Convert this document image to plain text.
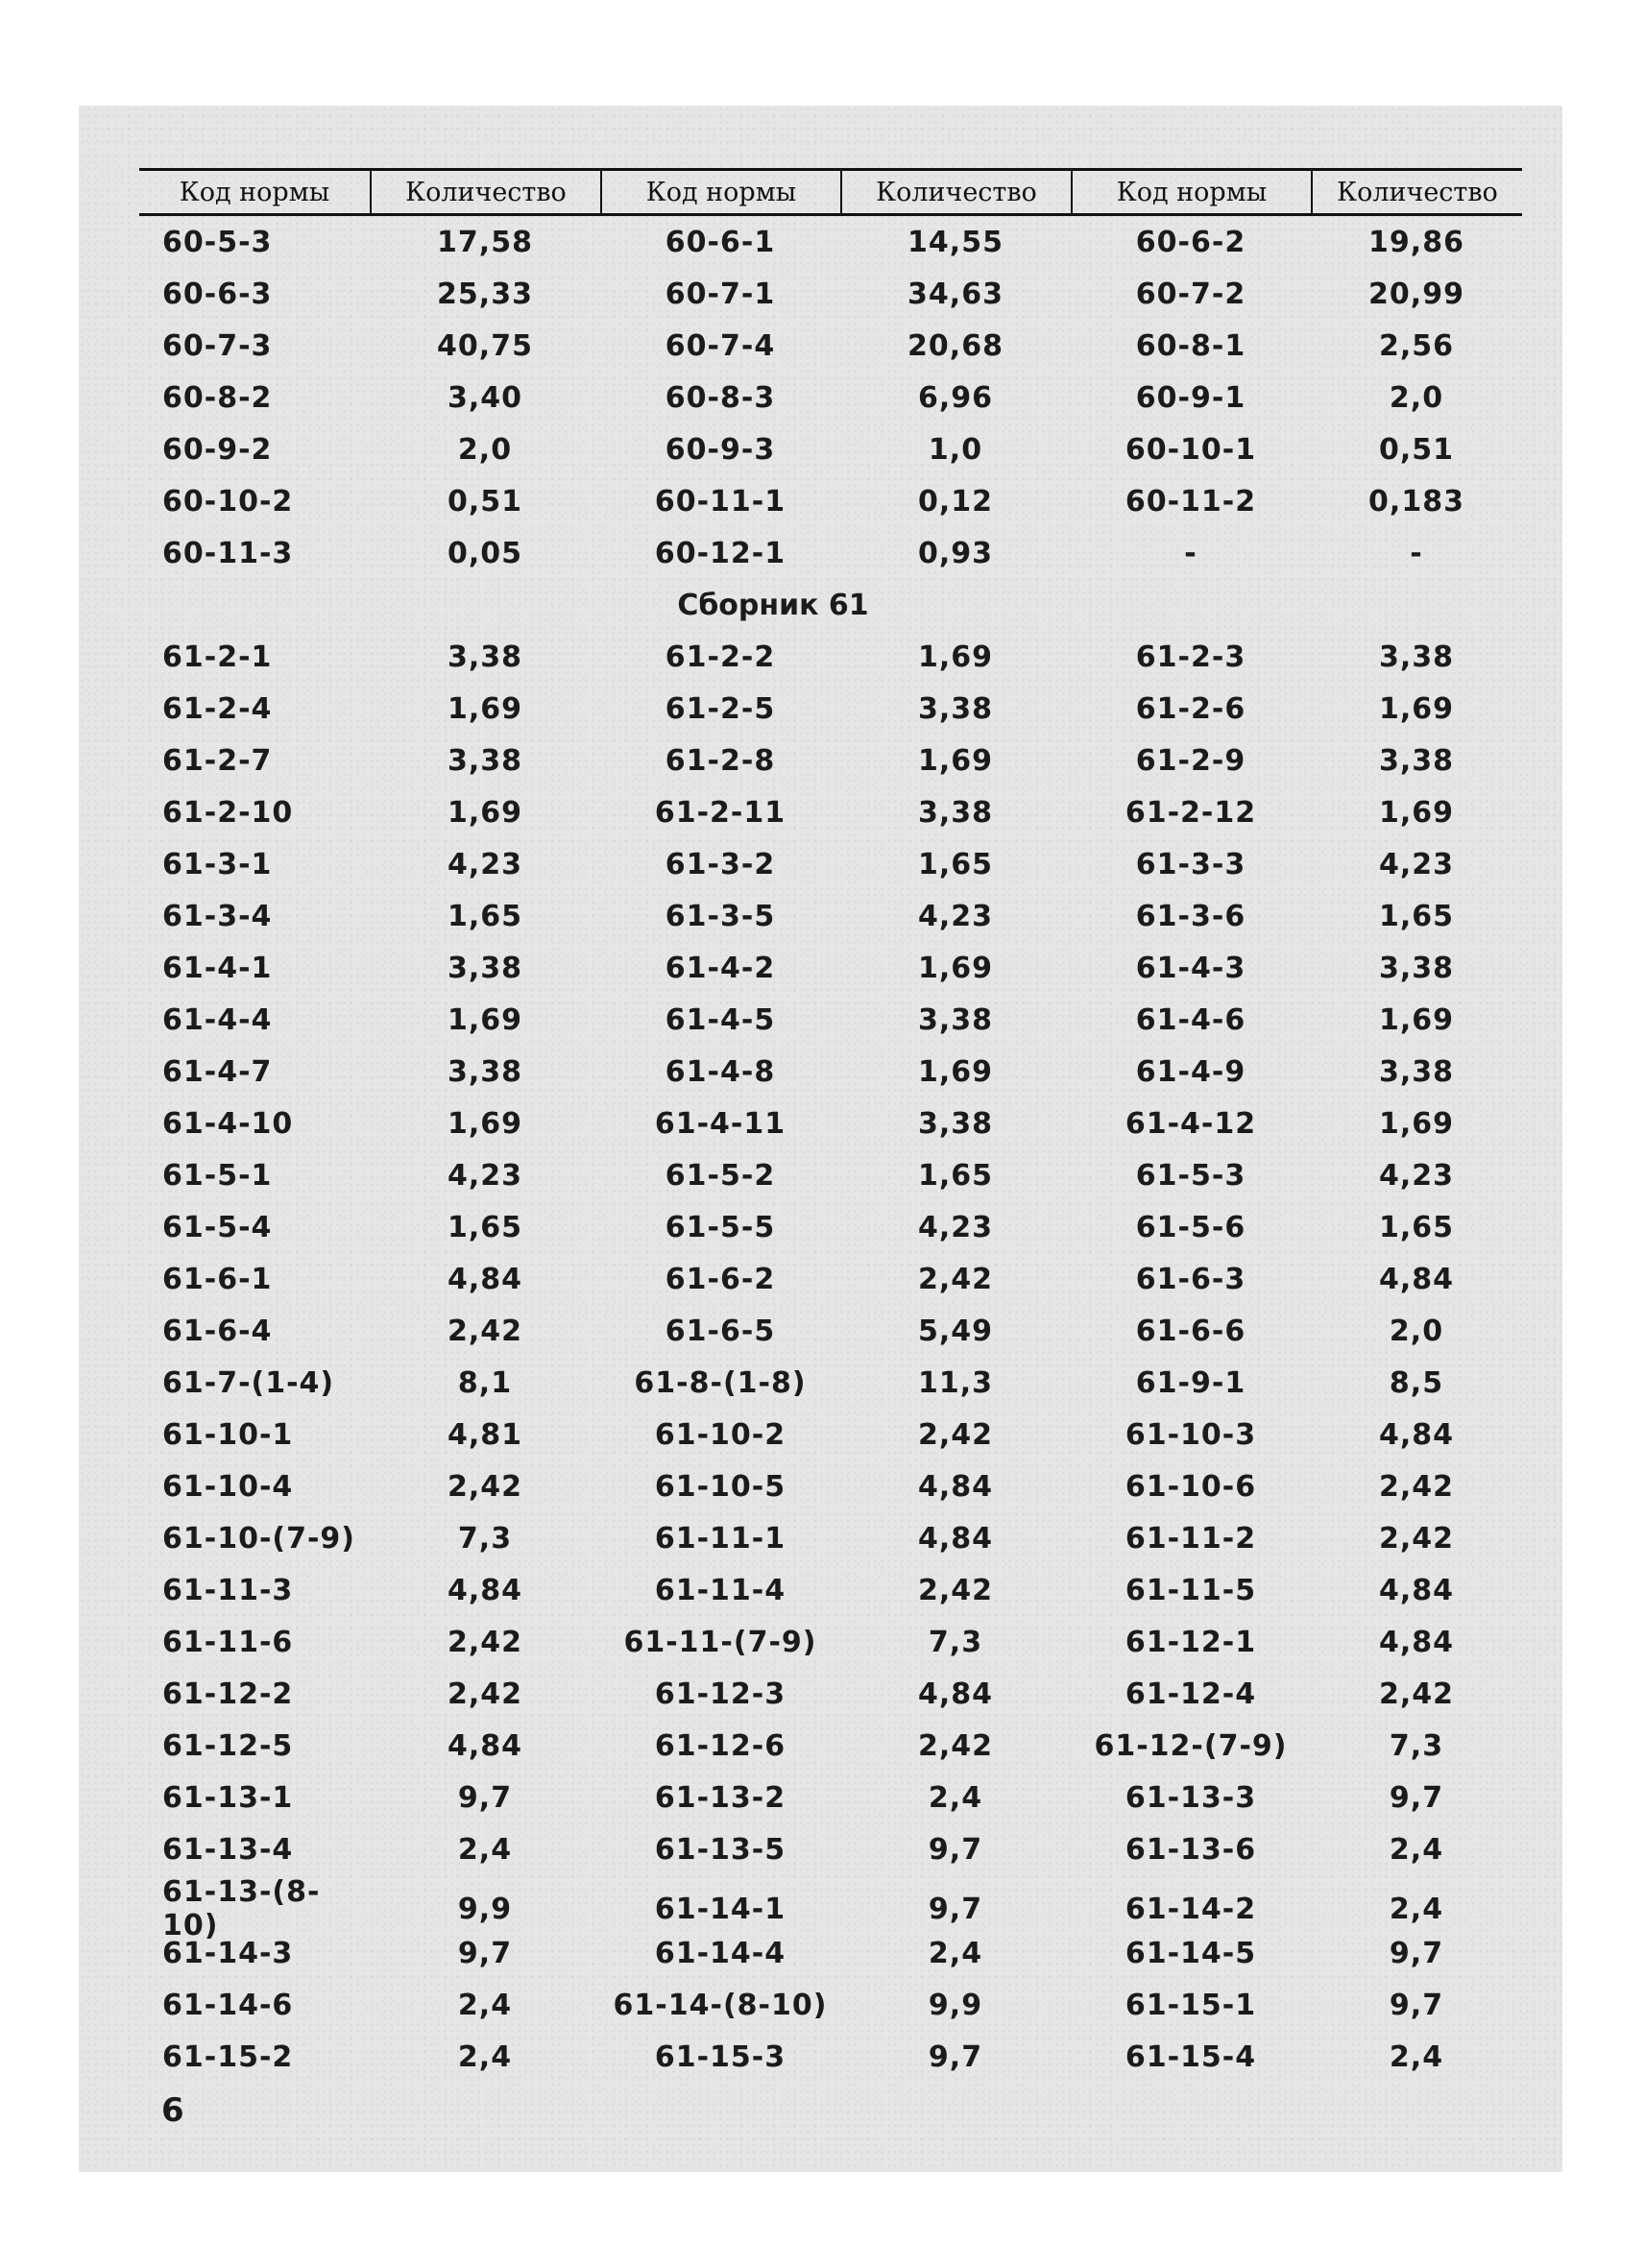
Код нормы	Количество	Код нормы	Количество	Код нормы	Количество
60-5-3	17,58	60-6-1	14,55	60-6-2	19,86
60-6-3	25,33	60-7-1	34,63	60-7-2	20,99
60-7-3	40,75	60-7-4	20,68	60-8-1	2,56
60-8-2	3,40	60-8-3	6,96	60-9-1	2,0
60-9-2	2,0	60-9-3	1,0	60-10-1	0,51
60-10-2	0,51	60-11-1	0,12	60-11-2	0,183
60-11-3	0,05	60-12-1	0,93	-	-
Сборник 61
61-2-1	3,38	61-2-2	1,69	61-2-3	3,38
61-2-4	1,69	61-2-5	3,38	61-2-6	1,69
61-2-7	3,38	61-2-8	1,69	61-2-9	3,38
61-2-10	1,69	61-2-11	3,38	61-2-12	1,69
61-3-1	4,23	61-3-2	1,65	61-3-3	4,23
61-3-4	1,65	61-3-5	4,23	61-3-6	1,65
61-4-1	3,38	61-4-2	1,69	61-4-3	3,38
61-4-4	1,69	61-4-5	3,38	61-4-6	1,69
61-4-7	3,38	61-4-8	1,69	61-4-9	3,38
61-4-10	1,69	61-4-11	3,38	61-4-12	1,69
61-5-1	4,23	61-5-2	1,65	61-5-3	4,23
61-5-4	1,65	61-5-5	4,23	61-5-6	1,65
61-6-1	4,84	61-6-2	2,42	61-6-3	4,84
61-6-4	2,42	61-6-5	5,49	61-6-6	2,0
61-7-(1-4)	8,1	61-8-(1-8)	11,3	61-9-1	8,5
61-10-1	4,81	61-10-2	2,42	61-10-3	4,84
61-10-4	2,42	61-10-5	4,84	61-10-6	2,42
61-10-(7-9)	7,3	61-11-1	4,84	61-11-2	2,42
61-11-3	4,84	61-11-4	2,42	61-11-5	4,84
61-11-6	2,42	61-11-(7-9)	7,3	61-12-1	4,84
61-12-2	2,42	61-12-3	4,84	61-12-4	2,42
61-12-5	4,84	61-12-6	2,42	61-12-(7-9)	7,3
61-13-1	9,7	61-13-2	2,4	61-13-3	9,7
61-13-4	2,4	61-13-5	9,7	61-13-6	2,4
61-13-(8-10)	9,9	61-14-1	9,7	61-14-2	2,4
61-14-3	9,7	61-14-4	2,4	61-14-5	9,7
61-14-6	2,4	61-14-(8-10)	9,9	61-15-1	9,7
61-15-2	2,4	61-15-3	9,7	61-15-4	2,4
6
